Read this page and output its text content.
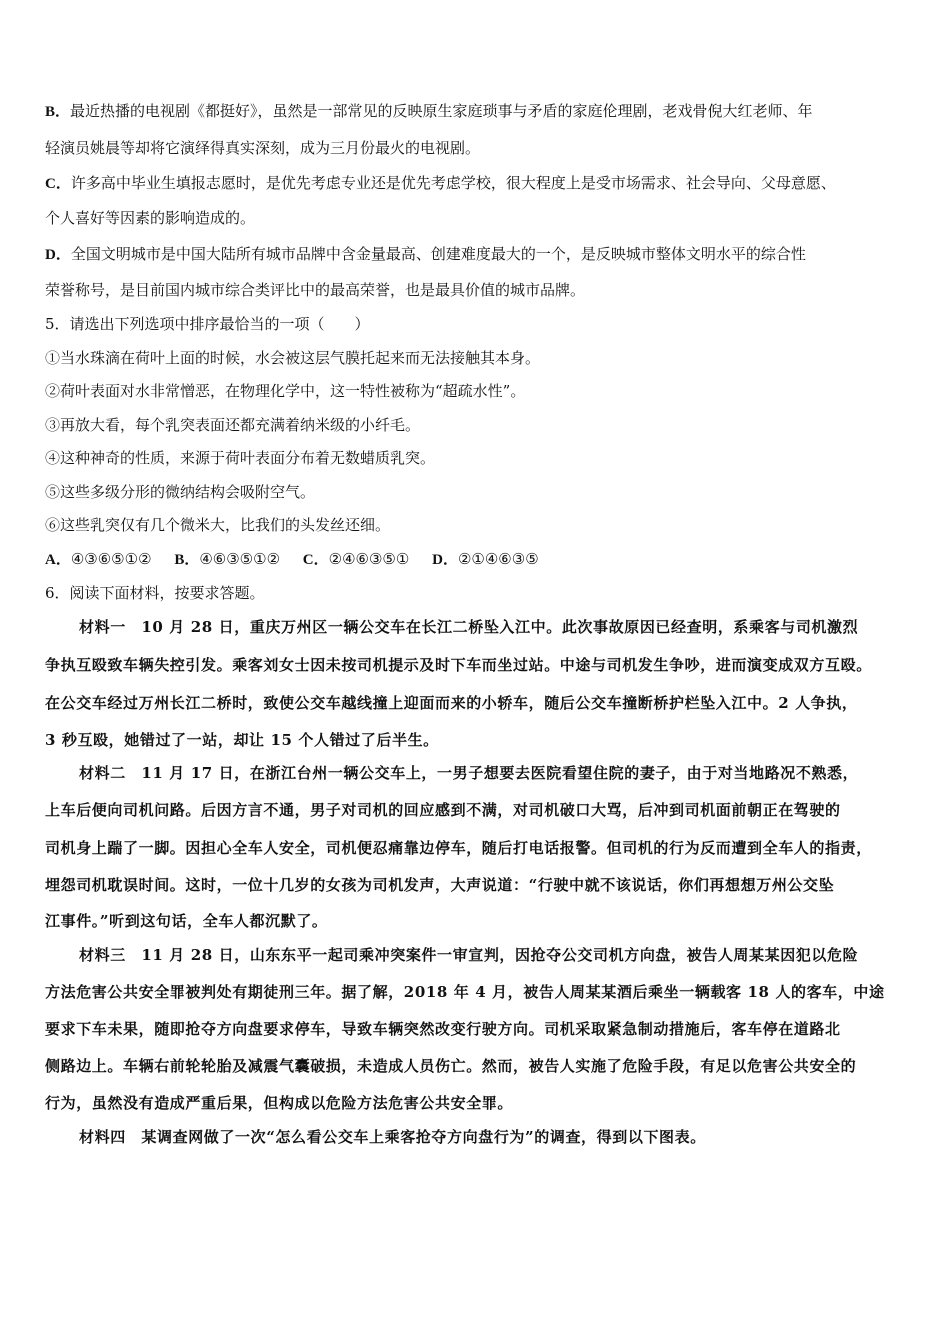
B．最近热播的电视剧《都挺好》，虽然是一部常见的反映原生家庭琐事与矛盾的家庭伦理剧，老戏骨倪大红老师、年
轻演员姚晨等却将它演绎得真实深刻，成为三月份最火的电视剧。
C．许多高中毕业生填报志愿时，是优先考虑专业还是优先考虑学校，很大程度上是受市场需求、社会导向、父母意愿、
个人喜好等因素的影响造成的。
D．全国文明城市是中国大陆所有城市品牌中含金量最高、创建难度最大的一个，是反映城市整体文明水平的综合性
荣誉称号，是目前国内城市综合类评比中的最高荣誉，也是最具价值的城市品牌。
5．请选出下列选项中排序最恰当的一项（　　）
①当水珠滴在荷叶上面的时候，水会被这层气膜托起来而无法接触其本身。
②荷叶表面对水非常憎恶，在物理化学中，这一特性被称为“超疏水性”。
③再放大看，每个乳突表面还都充满着纳米级的小纤毛。
④这种神奇的性质，来源于荷叶表面分布着无数蜡质乳突。
⑤这些多级分形的微纳结构会吸附空气。
⑥这些乳突仅有几个微米大，比我们的头发丝还细。
A．④③⑥⑤①② B．④⑥③⑤①② C．②④⑥③⑤① D．②①④⑥③⑤
6．阅读下面材料，按要求答题。
材料一　10 月 28 日，重庆万州区一辆公交车在长江二桥坠入江中。此次事故原因已经查明，系乘客与司机激烈
争执互殴致车辆失控引发。乘客刘女士因未按司机提示及时下车而坐过站。中途与司机发生争吵，进而演变成双方互殴。
在公交车经过万州长江二桥时，致使公交车越线撞上迎面而来的小轿车，随后公交车撞断桥护栏坠入江中。2 人争执，
3 秒互殴，她错过了一站，却让 15 个人错过了后半生。
材料二　11 月 17 日，在浙江台州一辆公交车上，一男子想要去医院看望住院的妻子，由于对当地路况不熟悉，
上车后便向司机问路。后因方言不通，男子对司机的回应感到不满，对司机破口大骂，后冲到司机面前朝正在驾驶的
司机身上踹了一脚。因担心全车人安全，司机便忍痛靠边停车，随后打电话报警。但司机的行为反而遭到全车人的指责，
埋怨司机耽误时间。这时，一位十几岁的女孩为司机发声，大声说道：“行驶中就不该说话，你们再想想万州公交坠
江事件。”听到这句话，全车人都沉默了。
材料三　11 月 28 日，山东东平一起司乘冲突案件一审宣判，因抢夺公交司机方向盘，被告人周某某因犯以危险
方法危害公共安全罪被判处有期徒刑三年。据了解，2018 年 4 月，被告人周某某酒后乘坐一辆载客 18 人的客车，中途
要求下车未果，随即抢夺方向盘要求停车，导致车辆突然改变行驶方向。司机采取紧急制动措施后，客车停在道路北
侧路边上。车辆右前轮轮胎及减震气囊破损，未造成人员伤亡。然而，被告人实施了危险手段，有足以危害公共安全的
行为，虽然没有造成严重后果，但构成以危险方法危害公共安全罪。
材料四　某调查网做了一次“怎么看公交车上乘客抢夺方向盘行为”的调查，得到以下图表。
